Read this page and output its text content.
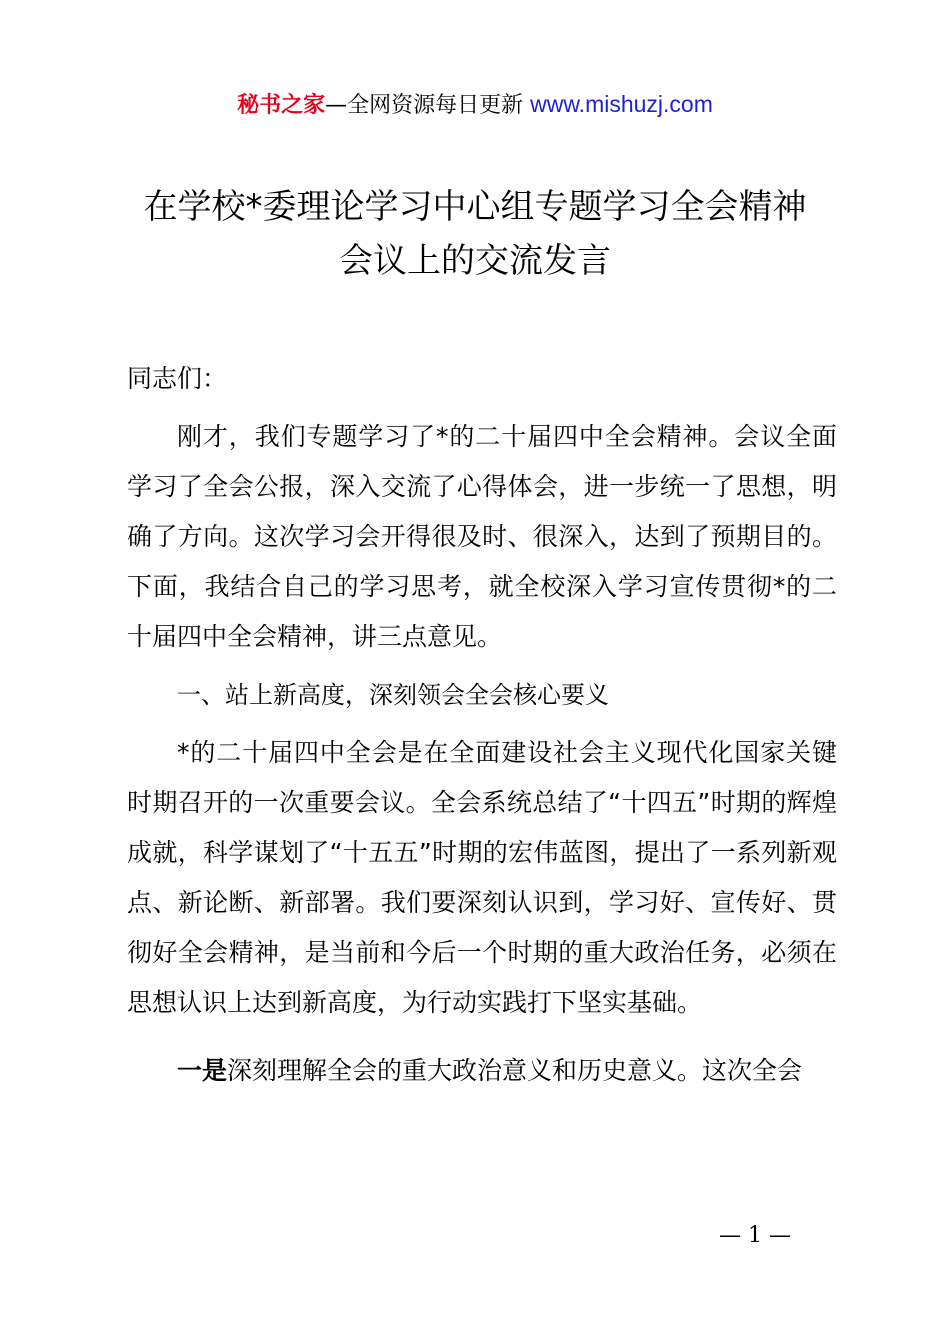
秘书之家—全网资源每日更新 www.mishuzj.com
在学校*委理论学习中心组专题学习全会精神
会议上的交流发言

同志们：

刚才，我们专题学习了*的二十届四中全会精神。会议全面学习了全会公报，深入交流了心得体会，进一步统一了思想，明确了方向。这次学习会开得很及时、很深入，达到了预期目的。下面，我结合自己的学习思考，就全校深入学习宣传贯彻*的二十届四中全会精神，讲三点意见。

一、站上新高度，深刻领会全会核心要义

*的二十届四中全会是在全面建设社会主义现代化国家关键时期召开的一次重要会议。全会系统总结了“十四五”时期的辉煌成就，科学谋划了“十五五”时期的宏伟蓝图，提出了一系列新观点、新论断、新部署。我们要深刻认识到，学习好、宣传好、贯彻好全会精神，是当前和今后一个时期的重大政治任务，必须在思想认识上达到新高度，为行动实践打下坚实基础。

一是深刻理解全会的重大政治意义和历史意义。这次全会

— 1 —
